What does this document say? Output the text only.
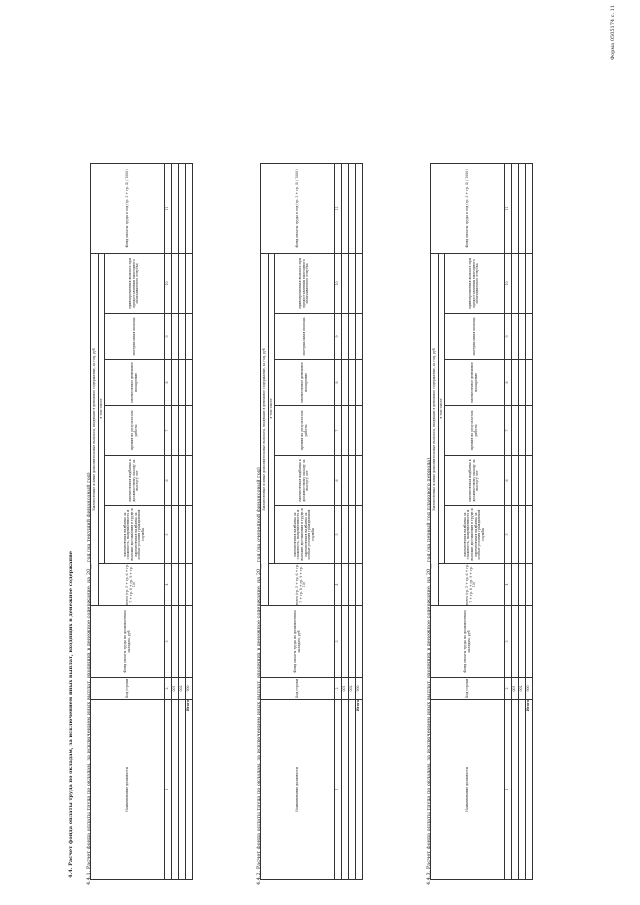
Форма 0505174 с. 11
4.4. Расчет фонда оплаты труда по окладам, за исключением иных выплат, входящих в денежное содержание 4.4.1. Расчет фонда оплаты труда по окладам, за исключением иных выплат, входящих в денежное содержание, на 20__ год (на текущий финансовый год)	Наименование должности	Код строки	Фонд оплаты труда по должностным окладам, руб	Ежемесячные и иные дополнительные выплаты, входящие в денежное содержание, за год, руб							Фонд оплаты труда в год (гр. 3 + гр. 4) / 1000)
			всего (гр. 5 + гр. 6 + гр. 7 + гр. 8 + гр. 9 + гр. 10)	в том числе						
				ежемесячная надбавка за сложность, напряженность и высокие достижения в труде и ежемесячная надбавка за особые условия гражданской службы	ежемесячная надбавка к должностному окладу за выслугу лет	премия по результатам работы	ежемесячное денежное поощрение	материальная помощь	единовременная выплата при предоставлении ежегодного оплачиваемого отпуска	
1	2	3	4	5	6	7	8	9	10	11
	001									
	002									
Итого	900										4.4.2. Расчет фонда оплаты труда по окладам, за исключением иных выплат, входящих в денежное содержание, на 20__ год (на очередной финансовый год)	Наименование должности	Код строки	Фонд оплаты труда по должностным окладам, руб	Ежемесячные и иные дополнительные выплаты, входящие в денежное содержание, за год, руб							Фонд оплаты труда в год (гр. 3 + гр. 4) / 1000)
			всего (гр. 5 + гр. 6 + гр. 7 + гр. 8 + гр. 9 + гр. 10)	в том числе						
				ежемесячная надбавка за сложность, напряженность и высокие достижения в труде и ежемесячная надбавка за особые условия гражданской службы	ежемесячная надбавка к должностному окладу за выслугу лет	премия по результатам работы	ежемесячное денежное поощрение	материальная помощь	единовременная выплата при предоставлении ежегодного оплачиваемого отпуска	
1	2	3	4	5	6	7	8	9	10	11
	001									
	002									
Итого	900										4.4.3. Расчет фонда оплаты труда по окладам, за исключением иных выплат, входящих в денежное содержание, на 20__ год (на первый год планового периода)	Наименование должности	Код строки	Фонд оплаты труда по должностным окладам, руб	Ежемесячные и иные дополнительные выплаты, входящие в денежное содержание, за год, руб							Фонд оплаты труда в год (гр. 3 + гр. 4) / 1000)
			всего (гр. 5 + гр. 6 + гр. 7 + гр. 8 + гр. 9 + гр. 10)	в том числе						
				ежемесячная надбавка за сложность, напряженность и высокие достижения в труде и ежемесячная надбавка за особые условия гражданской службы	ежемесячная надбавка к должностному окладу за выслугу лет	премия по результатам работы	ежемесячное денежное поощрение	материальная помощь	единовременная выплата при предоставлении ежегодного оплачиваемого отпуска	
1	2	3	4	5	6	7	8	9	10	11
	001									
	002									
Итого	900									
